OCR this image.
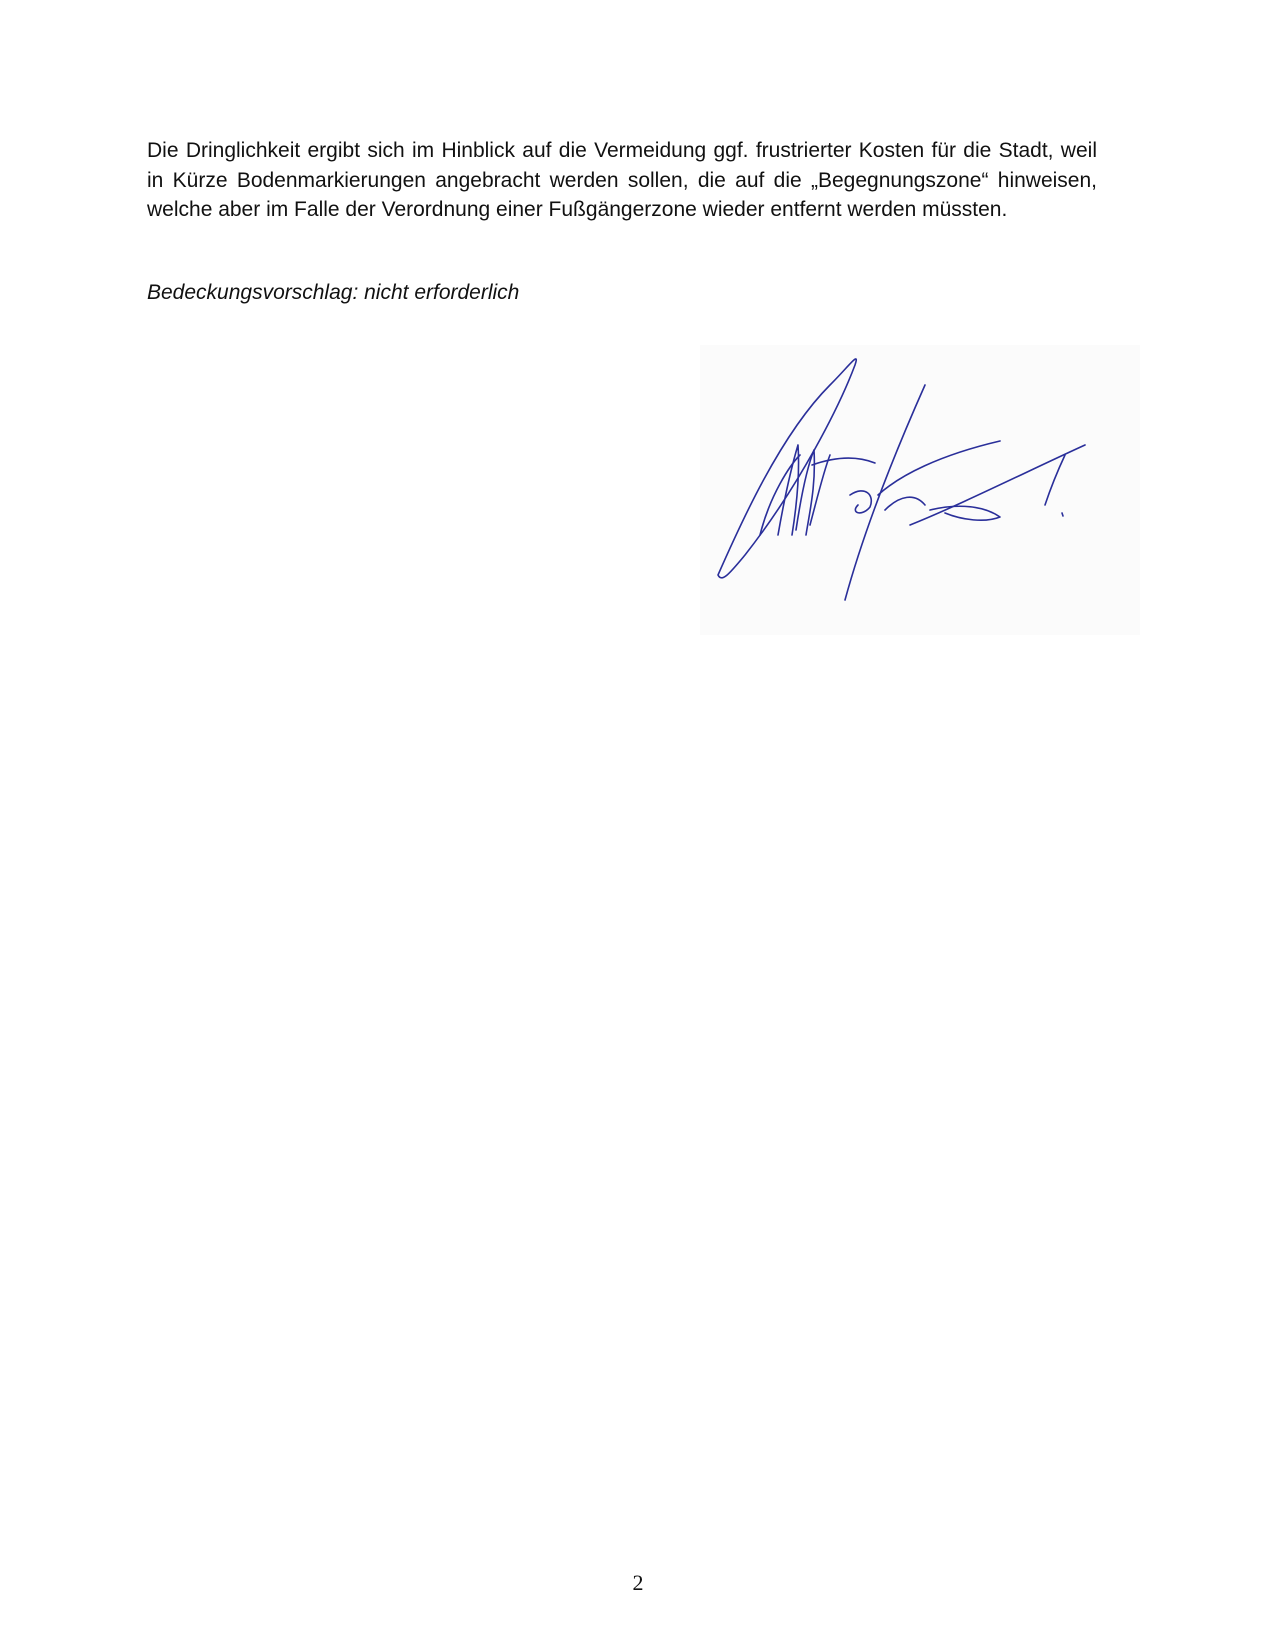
Die Dringlichkeit ergibt sich im Hinblick auf die Vermeidung ggf. frustrierter Kosten für die Stadt, weil in Kürze Bodenmarkierungen angebracht werden sollen, die auf die „Begegnungszone“ hinweisen, welche aber im Falle der Verordnung einer Fußgängerzone wieder entfernt werden müssten.

Bedeckungsvorschlag: nicht erforderlich

2
